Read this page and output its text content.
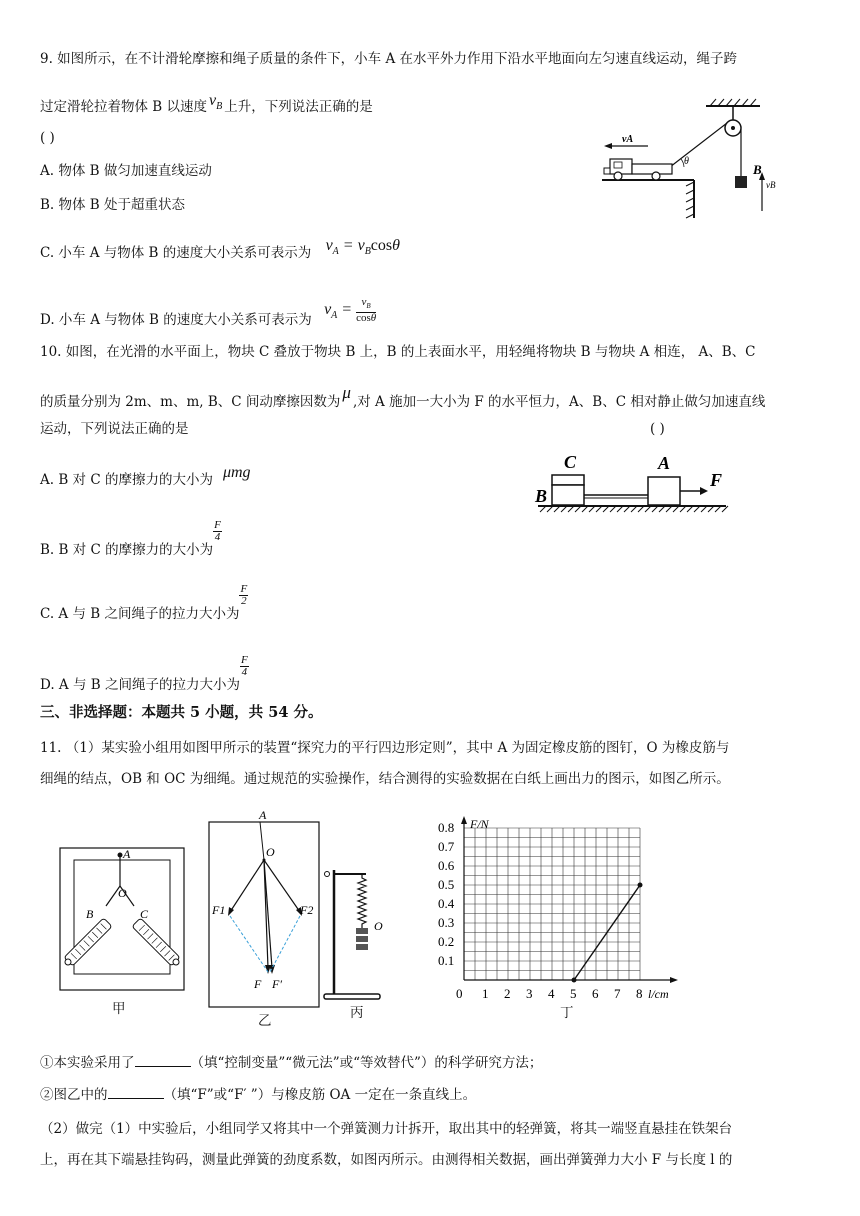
9. 如图所示，在不计滑轮摩擦和绳子质量的条件下，小车 A 在水平外力作用下沿水平地面向左匀速直线运动，绳子跨
过定滑轮拉着物体 B 以速度 $v_B$ 上升，下列说法正确的是
( )
A. 物体 B 做匀加速直线运动
B. 物体 B 处于超重状态
C. 小车 A 与物体 B 的速度大小关系可表示为 $v_A = v_B\cos\theta$
D. 小车 A 与物体 B 的速度大小关系可表示为 $v_A = \frac{v_B}{\cos\theta}$
B
vB
θ
vA
10. 如图，在光滑的水平面上，物块 C 叠放于物块 B 上，B 的上表面水平，用轻绳将物块 B 与物块 A 相连， A、B、C
的质量分别为 2m、m、m, B、C 间动摩擦因数为 μ ,对 A 施加一大小为 F 的水平恒力，A、B、C 相对静止做匀加速直线
运动，下列说法正确的是	( )
A. B 对 C 的摩擦力的大小为 μmg
B. B 对 C 的摩擦力的大小为
$\frac{F}{4}$
C. A 与 B 之间绳子的拉力大小为
$\frac{F}{2}$
D. A 与 B 之间绳子的拉力大小为
$\frac{F}{4}$
C	A
B
F
三、非选择题：本题共 5 小题，共 54 分。
11. （1）某实验小组用如图甲所示的装置“探究力的平行四边形定则”，其中 A 为固定橡皮筋的图钉，O 为橡皮筋与
细绳的结点，OB 和 OC 为细绳。通过规范的实验操作，结合测得的实验数据在白纸上画出力的图示，如图乙所示。
A
O
B	C
甲
A
O
F1	F2
F F′
乙
O
丙
0.1
0.2
0.3
0.4
0.5
0.6
0.7
0.8
0 1 2 3 4 5 6 7 8
F/N
l/cm
丁
①本实验采用了	（填“控制变量”“微元法”或“等效替代”）的科学研究方法；
②图乙中的	（填“F”或“F′ ”）与橡皮筋 OA 一定在一条直线上。
（2）做完（1）中实验后，小组同学又将其中一个弹簧测力计拆开，取出其中的轻弹簧，将其一端竖直悬挂在铁架台
上，再在其下端悬挂钩码，测量此弹簧的劲度系数，如图丙所示。由测得相关数据，画出弹簧弹力大小 F 与长度 l 的
